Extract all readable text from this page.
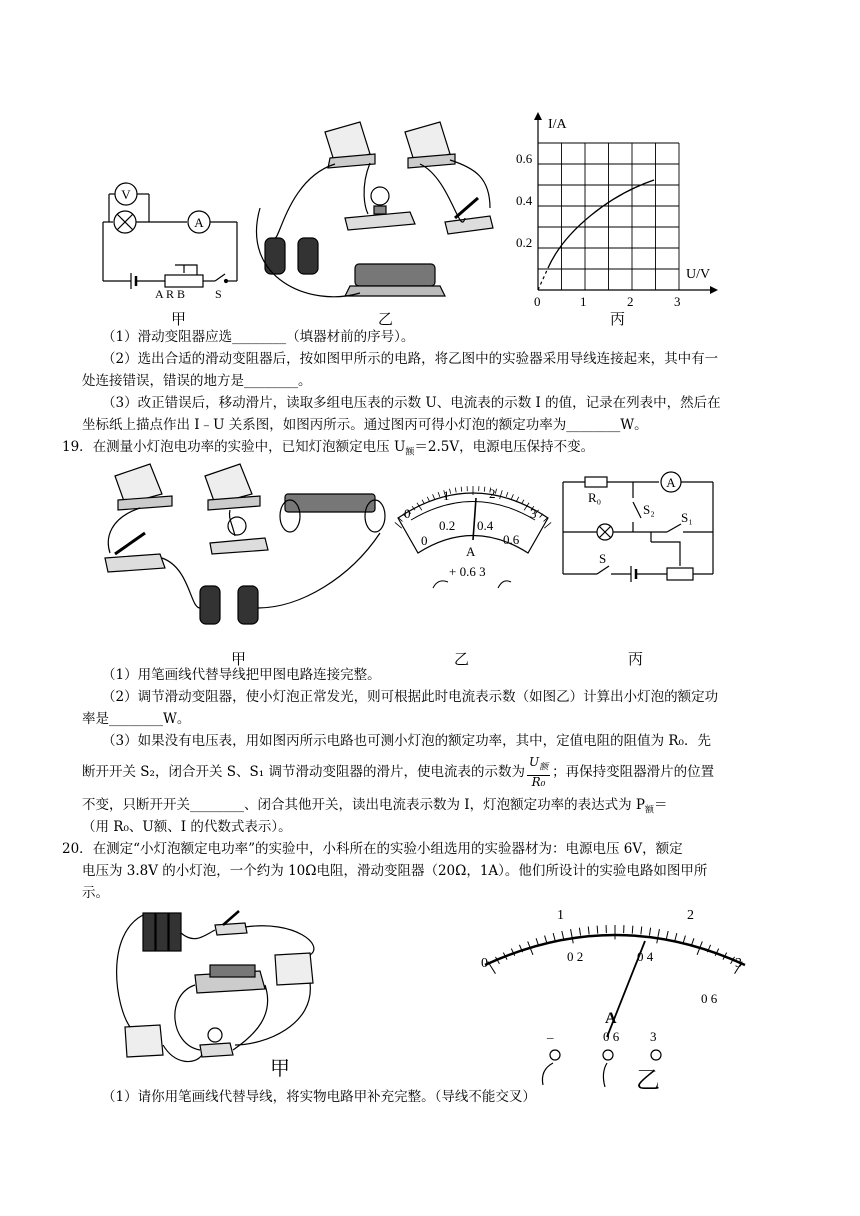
V
A
A R B S
甲	乙
I/A
U/V
0.2
0.4
0.6
0	1	2	3
丙
（1）滑动变阻器应选________（填器材前的序号）。
（2）选出合适的滑动变阻器后，按如图甲所示的电路，将乙图中的实验器采用导线连接起来，其中有一
处连接错误，错误的地方是________。
（3）改正错误后，移动滑片，读取多组电压表的示数 U、电流表的示数 I 的值，记录在列表中，然后在
坐标纸上描点作出 I﹣U 关系图，如图丙所示。通过图丙可得小灯泡的额定功率为________W。
19．在测量小灯泡电功率的实验中，已知灯泡额定电压 $U_额=2.5V$，电源电压保持不变。
甲
0
1	2
3
0
0.2 0.4
0.6
A
+ 0.6 3
乙
R₀
A
S₂
S₁
S
丙
（1）用笔画线代替导线把甲图电路连接完整。
（2）调节滑动变阻器，使小灯泡正常发光，则可根据此时电流表示数（如图乙）计算出小灯泡的额定功
率是________W。
（3）如果没有电压表，用如图丙所示电路也可测小灯泡的额定功率，其中，定值电阻的阻值为 R₀．先
断开开关 S₂，闭合开关 S、S₁ 调节滑动变阻器的滑片，使电流表的示数为 $\frac{U_额}{\text{R₀}}$ ；再保持变阻器滑片的位置
不变，只断开开关________、闭合其他开关，读出电流表示数为 I，灯泡额定功率的表达式为 $P_额=$
（用 R₀、U额、I 的代数式表示）。
20．在测定“小灯泡额定电功率”的实验中，小科所在的实验小组选用的实验器材为：电源电压 6V，额定
电压为 3.8V 的小灯泡，一个约为 10Ω电阻，滑动变阻器（20Ω，1A）。他们所设计的实验电路如图甲所
示。
甲
0
1	2
3
0 2	0 4
0 6
A
_	0 6 3
乙
（1）请你用笔画线代替导线，将实物电路甲补充完整。（导线不能交叉）
